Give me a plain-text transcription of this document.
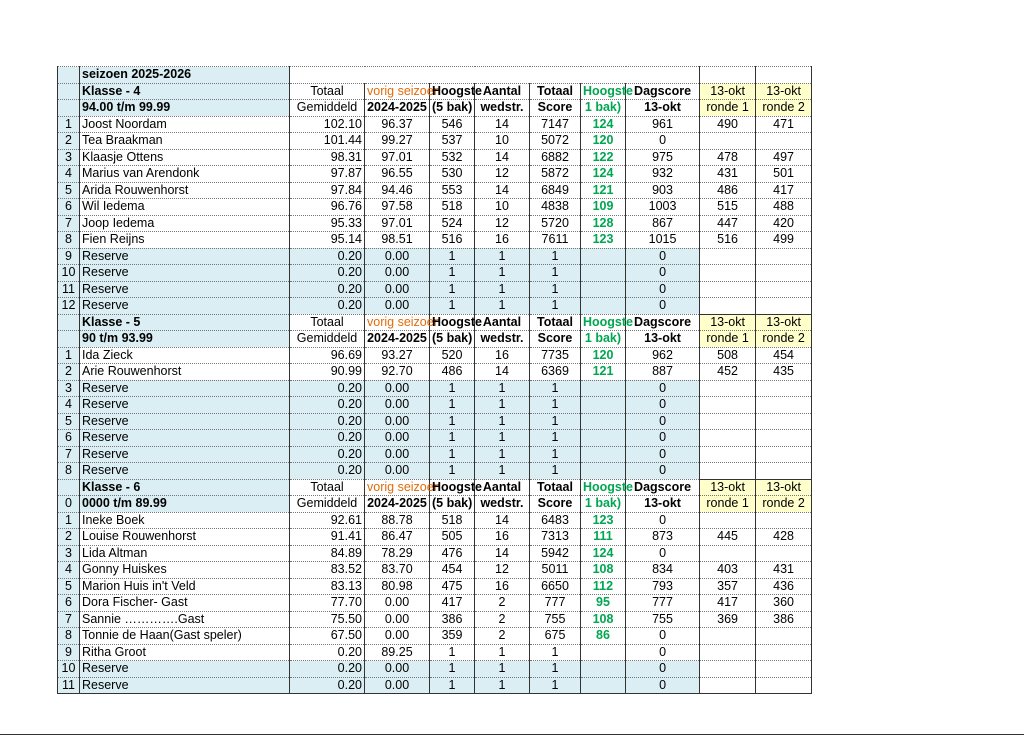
	seizoen 2025-2026									
	Klasse - 4	Totaal	vorig seizoen	Hoogste	Aantal	Totaal	Hoogste	Dagscore	13-okt	13-okt
	94.00 t/m 99.99	Gemiddeld	2024-2025	(5 bak)	wedstr.	Score	1 bak)	13-okt	ronde 1	ronde 2
1	Joost Noordam	102.10	96.37	546	14	7147	124	961	490	471
2	Tea Braakman	101.44	99.27	537	10	5072	120	0		
3	Klaasje Ottens	98.31	97.01	532	14	6882	122	975	478	497
4	Marius van Arendonk	97.87	96.55	530	12	5872	124	932	431	501
5	Arida Rouwenhorst	97.84	94.46	553	14	6849	121	903	486	417
6	Wil Iedema	96.76	97.58	518	10	4838	109	1003	515	488
7	Joop Iedema	95.33	97.01	524	12	5720	128	867	447	420
8	Fien Reijns	95.14	98.51	516	16	7611	123	1015	516	499
9	Reserve	0.20	0.00	1	1	1		0		
10	Reserve	0.20	0.00	1	1	1		0		
11	Reserve	0.20	0.00	1	1	1		0		
12	Reserve	0.20	0.00	1	1	1		0		
	Klasse - 5	Totaal	vorig seizoen	Hoogste	Aantal	Totaal	Hoogste	Dagscore	13-okt	13-okt
	90 t/m 93.99	Gemiddeld	2024-2025	(5 bak)	wedstr.	Score	1 bak)	13-okt	ronde 1	ronde 2
1	Ida Zieck	96.69	93.27	520	16	7735	120	962	508	454
2	Arie Rouwenhorst	90.99	92.70	486	14	6369	121	887	452	435
3	Reserve	0.20	0.00	1	1	1		0		
4	Reserve	0.20	0.00	1	1	1		0		
5	Reserve	0.20	0.00	1	1	1		0		
6	Reserve	0.20	0.00	1	1	1		0		
7	Reserve	0.20	0.00	1	1	1		0		
8	Reserve	0.20	0.00	1	1	1		0		
	Klasse - 6	Totaal	vorig seizoen	Hoogste	Aantal	Totaal	Hoogste	Dagscore	13-okt	13-okt
0	0000 t/m 89.99	Gemiddeld	2024-2025	(5 bak)	wedstr.	Score	1 bak)	13-okt	ronde 1	ronde 2
1	Ineke Boek	92.61	88.78	518	14	6483	123	0		
2	Louise Rouwenhorst	91.41	86.47	505	16	7313	111	873	445	428
3	Lida Altman	84.89	78.29	476	14	5942	124	0		
4	Gonny Huiskes	83.52	83.70	454	12	5011	108	834	403	431
5	Marion Huis in't Veld	83.13	80.98	475	16	6650	112	793	357	436
6	Dora Fischer- Gast	77.70	0.00	417	2	777	95	777	417	360
7	Sannie ………….Gast	75.50	0.00	386	2	755	108	755	369	386
8	Tonnie de Haan(Gast speler)	67.50	0.00	359	2	675	86	0		
9	Ritha Groot	0.20	89.25	1	1	1		0		
10	Reserve	0.20	0.00	1	1	1		0		
11	Reserve	0.20	0.00	1	1	1		0		
